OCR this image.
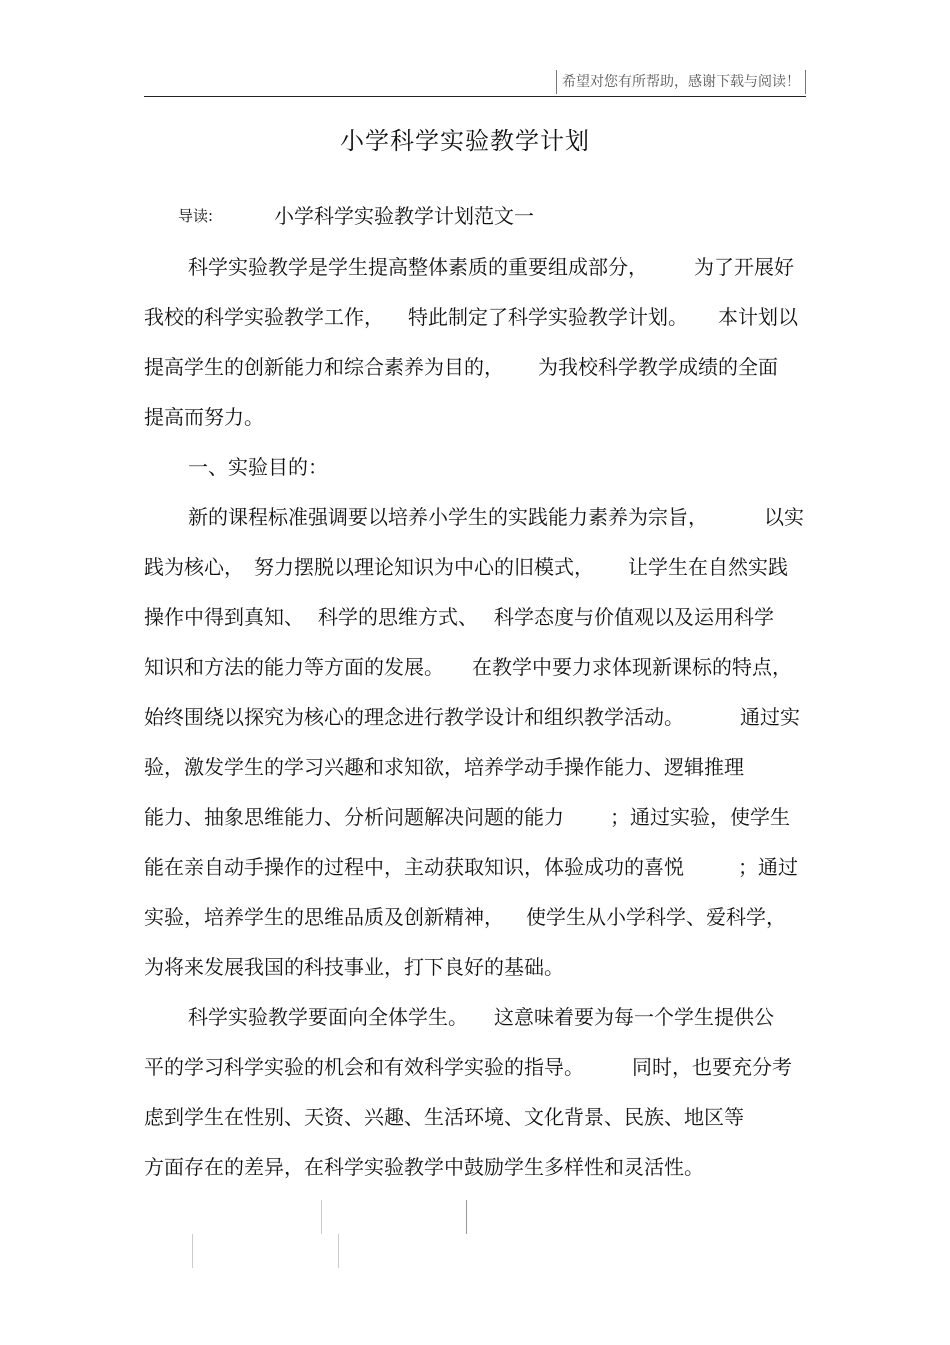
希望对您有所帮助，感谢下载与阅读！
小学科学实验教学计划
导读:	小学科学实验教学计划范文一
科学实验教学是学生提高整体素质的重要组成部分， 为了开展好
我校的科学实验教学工作， 特此制定了科学实验教学计划。 本计划以
提高学生的创新能力和综合素养为目的， 为我校科学教学成绩的全面
提高而努力。
一、实验目的：
新的课程标准强调要以培养小学生的实践能力素养为宗旨，	以实
践为核心， 努力摆脱以理论知识为中心的旧模式， 让学生在自然实践
操作中得到真知、 科学的思维方式、 科学态度与价值观以及运用科学
知识和方法的能力等方面的发展。 在教学中要力求体现新课标的特点，
始终围绕以探究为核心的理念进行教学设计和组织教学活动。	通过实
验，激发学生的学习兴趣和求知欲，培养学动手操作能力、逻辑推理
能力、抽象思维能力、分析问题解决问题的能力 ；通过实验，使学生
能在亲自动手操作的过程中，主动获取知识，体验成功的喜悦	；通过
实验，培养学生的思维品质及创新精神， 使学生从小学科学、爱科学，
为将来发展我国的科技事业，打下良好的基础。
科学实验教学要面向全体学生。 这意味着要为每一个学生提供公
平的学习科学实验的机会和有效科学实验的指导。 同时，也要充分考
虑到学生在性别、天资、兴趣、生活环境、文化背景、民族、地区等
方面存在的差异，在科学实验教学中鼓励学生多样性和灵活性。
